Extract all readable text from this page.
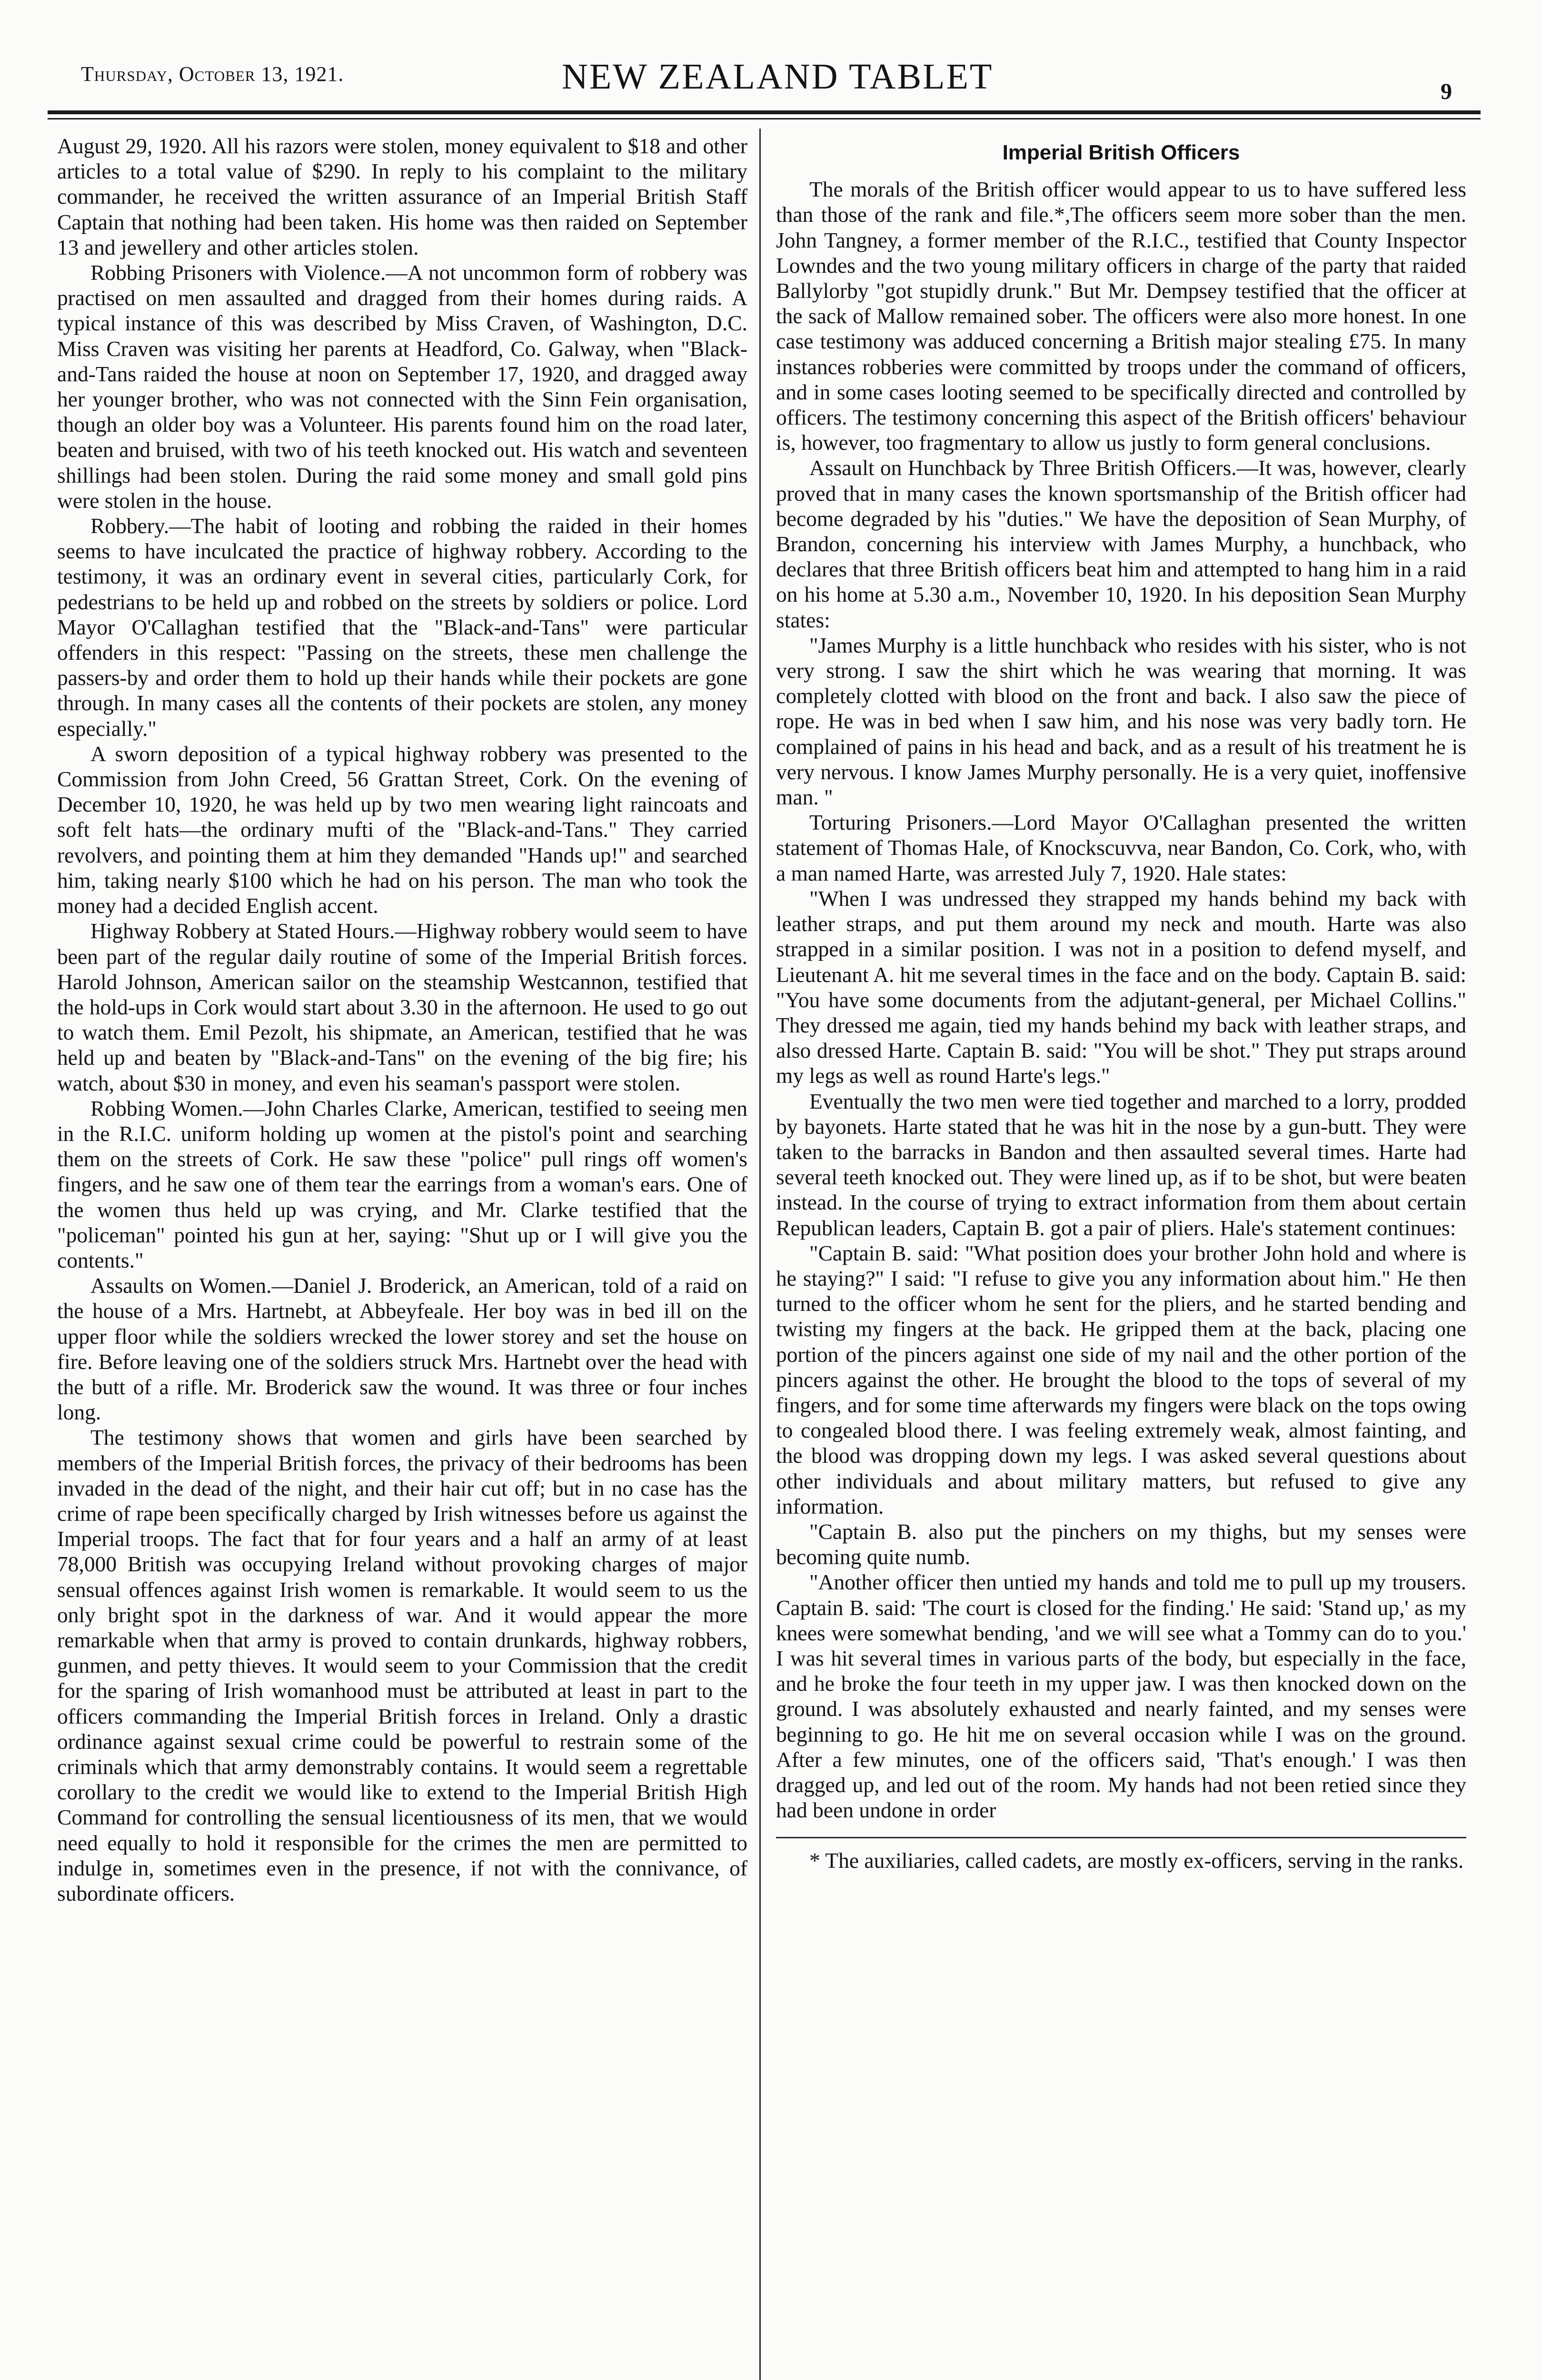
Thursday, October 13, 1921.	NEW ZEALAND TABLET	9

August 29, 1920. All his razors were stolen, money equivalent to $18 and other articles to a total value of $290. In reply to his complaint to the military commander, he received the written assurance of an Imperial British Staff Captain that nothing had been taken. His home was then raided on September 13 and jewellery and other articles stolen.

Robbing Prisoners with Violence.—A not uncommon form of robbery was practised on men assaulted and dragged from their homes during raids. A typical instance of this was described by Miss Craven, of Washington, D.C. Miss Craven was visiting her parents at Headford, Co. Galway, when "Black-and-Tans raided the house at noon on September 17, 1920, and dragged away her younger brother, who was not connected with the Sinn Fein organisation, though an older boy was a Volunteer. His parents found him on the road later, beaten and bruised, with two of his teeth knocked out. His watch and seventeen shillings had been stolen. During the raid some money and small gold pins were stolen in the house.

Robbery.—The habit of looting and robbing the raided in their homes seems to have inculcated the practice of highway robbery. According to the testimony, it was an ordinary event in several cities, particularly Cork, for pedestrians to be held up and robbed on the streets by soldiers or police. Lord Mayor O'Callaghan testified that the "Black-and-Tans" were particular offenders in this respect: "Passing on the streets, these men challenge the passers-by and order them to hold up their hands while their pockets are gone through. In many cases all the contents of their pockets are stolen, any money especially."

A sworn deposition of a typical highway robbery was presented to the Commission from John Creed, 56 Grattan Street, Cork. On the evening of December 10, 1920, he was held up by two men wearing light raincoats and soft felt hats—the ordinary mufti of the "Black-and-Tans." They carried revolvers, and pointing them at him they demanded "Hands up!" and searched him, taking nearly $100 which he had on his person. The man who took the money had a decided English accent.

Highway Robbery at Stated Hours.—Highway robbery would seem to have been part of the regular daily routine of some of the Imperial British forces. Harold Johnson, American sailor on the steamship Westcannon, testified that the hold-ups in Cork would start about 3.30 in the afternoon. He used to go out to watch them. Emil Pezolt, his shipmate, an American, testified that he was held up and beaten by "Black-and-Tans" on the evening of the big fire; his watch, about $30 in money, and even his seaman's passport were stolen.

Robbing Women.—John Charles Clarke, American, testified to seeing men in the R.I.C. uniform holding up women at the pistol's point and searching them on the streets of Cork. He saw these "police" pull rings off women's fingers, and he saw one of them tear the earrings from a woman's ears. One of the women thus held up was crying, and Mr. Clarke testified that the "policeman" pointed his gun at her, saying: "Shut up or I will give you the contents."

Assaults on Women.—Daniel J. Broderick, an American, told of a raid on the house of a Mrs. Hartnebt, at Abbeyfeale. Her boy was in bed ill on the upper floor while the soldiers wrecked the lower storey and set the house on fire. Before leaving one of the soldiers struck Mrs. Hartnebt over the head with the butt of a rifle. Mr. Broderick saw the wound. It was three or four inches long.

The testimony shows that women and girls have been searched by members of the Imperial British forces, the privacy of their bedrooms has been invaded in the dead of the night, and their hair cut off; but in no case has the crime of rape been specifically charged by Irish witnesses before us against the Imperial troops. The fact that for four years and a half an army of at least 78,000 British was occupying Ireland without provoking charges of major sensual offences against Irish women is remarkable. It would seem to us the only bright spot in the darkness of war. And it would appear the more remarkable when that army is proved to contain drunkards, highway robbers, gunmen, and petty thieves. It would seem to your Commission that the credit for the sparing of Irish womanhood must be attributed at least in part to the officers commanding the Imperial British forces in Ireland. Only a drastic ordinance against sexual crime could be powerful to restrain some of the criminals which that army demonstrably contains. It would seem a regrettable corollary to the credit we would like to extend to the Imperial British High Command for controlling the sensual licentiousness of its men, that we would need equally to hold it responsible for the crimes the men are permitted to indulge in, sometimes even in the presence, if not with the connivance, of subordinate officers.

Imperial British Officers

The morals of the British officer would appear to us to have suffered less than those of the rank and file.*,The officers seem more sober than the men. John Tangney, a former member of the R.I.C., testified that County Inspector Lowndes and the two young military officers in charge of the party that raided Ballylorby "got stupidly drunk." But Mr. Dempsey testified that the officer at the sack of Mallow remained sober. The officers were also more honest. In one case testimony was adduced concerning a British major stealing £75. In many instances robberies were committed by troops under the command of officers, and in some cases looting seemed to be specifically directed and controlled by officers. The testimony concerning this aspect of the British officers' behaviour is, however, too fragmentary to allow us justly to form general conclusions.

Assault on Hunchback by Three British Officers.—It was, however, clearly proved that in many cases the known sportsmanship of the British officer had become degraded by his "duties." We have the deposition of Sean Murphy, of Brandon, concerning his interview with James Murphy, a hunchback, who declares that three British officers beat him and attempted to hang him in a raid on his home at 5.30 a.m., November 10, 1920. In his deposition Sean Murphy states:

"James Murphy is a little hunchback who resides with his sister, who is not very strong. I saw the shirt which he was wearing that morning. It was completely clotted with blood on the front and back. I also saw the piece of rope. He was in bed when I saw him, and his nose was very badly torn. He complained of pains in his head and back, and as a result of his treatment he is very nervous. I know James Murphy personally. He is a very quiet, inoffensive man. "

Torturing Prisoners.—Lord Mayor O'Callaghan presented the written statement of Thomas Hale, of Knockscuvva, near Bandon, Co. Cork, who, with a man named Harte, was arrested July 7, 1920. Hale states:

"When I was undressed they strapped my hands behind my back with leather straps, and put them around my neck and mouth. Harte was also strapped in a similar position. I was not in a position to defend myself, and Lieutenant A. hit me several times in the face and on the body. Captain B. said: "You have some documents from the adjutant-general, per Michael Collins." They dressed me again, tied my hands behind my back with leather straps, and also dressed Harte. Captain B. said: "You will be shot." They put straps around my legs as well as round Harte's legs."

Eventually the two men were tied together and marched to a lorry, prodded by bayonets. Harte stated that he was hit in the nose by a gun-butt. They were taken to the barracks in Bandon and then assaulted several times. Harte had several teeth knocked out. They were lined up, as if to be shot, but were beaten instead. In the course of trying to extract information from them about certain Republican leaders, Captain B. got a pair of pliers. Hale's statement continues:

"Captain B. said: "What position does your brother John hold and where is he staying?" I said: "I refuse to give you any information about him." He then turned to the officer whom he sent for the pliers, and he started bending and twisting my fingers at the back. He gripped them at the back, placing one portion of the pincers against one side of my nail and the other portion of the pincers against the other. He brought the blood to the tops of several of my fingers, and for some time afterwards my fingers were black on the tops owing to congealed blood there. I was feeling extremely weak, almost fainting, and the blood was dropping down my legs. I was asked several questions about other individuals and about military matters, but refused to give any information.

"Captain B. also put the pinchers on my thighs, but my senses were becoming quite numb.

"Another officer then untied my hands and told me to pull up my trousers. Captain B. said: 'The court is closed for the finding.' He said: 'Stand up,' as my knees were somewhat bending, 'and we will see what a Tommy can do to you.' I was hit several times in various parts of the body, but especially in the face, and he broke the four teeth in my upper jaw. I was then knocked down on the ground. I was absolutely exhausted and nearly fainted, and my senses were beginning to go. He hit me on several occasion while I was on the ground. After a few minutes, one of the officers said, 'That's enough.' I was then dragged up, and led out of the room. My hands had not been retied since they had been undone in order

* The auxiliaries, called cadets, are mostly ex-officers, serving in the ranks.
